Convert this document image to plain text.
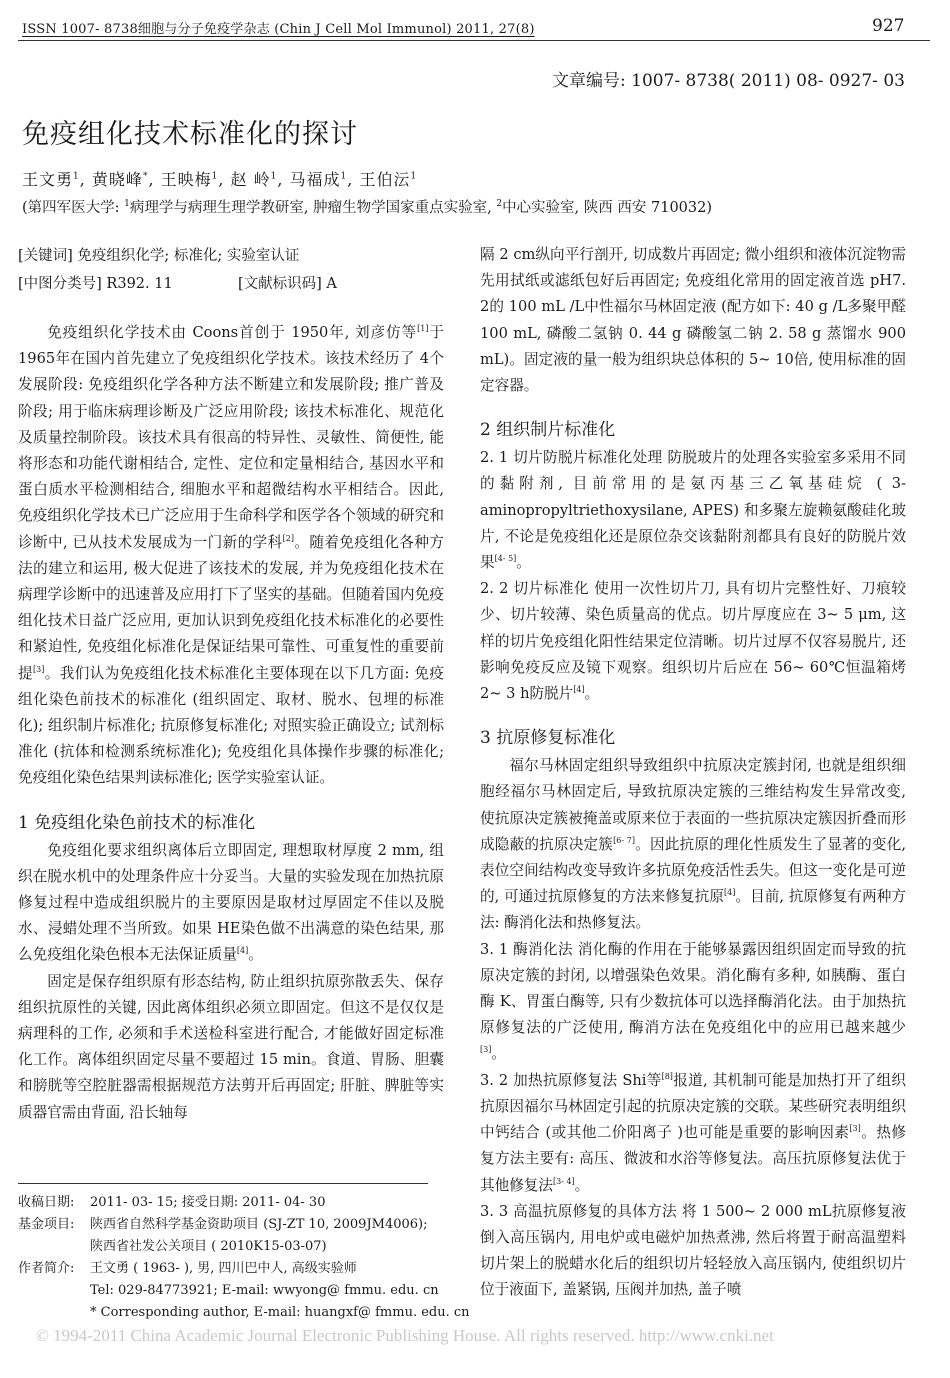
ISSN 1007- 8738细胞与分子免疫学杂志 (Chin J Cell Mol Immunol) 2011, 27(8)	927
文章编号: 1007- 8738( 2011) 08- 0927- 03
免疫组化技术标准化的探讨
王文勇$^1$, 黄晓峰*, 王映梅$^1$, 赵 岭$^1$, 马福成$^1$, 王伯沄$^1$
(第四军医大学: $^1$病理学与病理生理学教研室, 肿瘤生物学国家重点实验室, $^2$中心实验室, 陕西 西安 710032)
[关键词] 免疫组织化学; 标准化; 实验室认证
[中图分类号] R392. 11	[文献标识码] A

免疫组织化学技术由 Coons首创于 1950年, 刘彦仿等[1]于 1965年在国内首先建立了免疫组织化学技术。该技术经历了 4个发展阶段: 免疫组织化学各种方法不断建立和发展阶段; 推广普及阶段; 用于临床病理诊断及广泛应用阶段; 该技术标准化、规范化及质量控制阶段。该技术具有很高的特异性、灵敏性、简便性, 能将形态和功能代谢相结合, 定性、定位和定量相结合, 基因水平和蛋白质水平检测相结合, 细胞水平和超微结构水平相结合。因此, 免疫组织化学技术已广泛应用于生命科学和医学各个领域的研究和诊断中, 已从技术发展成为一门新的学科[2]。随着免疫组化各种方法的建立和运用, 极大促进了该技术的发展, 并为免疫组化技术在病理学诊断中的迅速普及应用打下了坚实的基础。但随着国内免疫组化技术日益广泛应用, 更加认识到免疫组化技术标准化的必要性和紧迫性, 免疫组化标准化是保证结果可靠性、可重复性的重要前提[3]。我们认为免疫组化技术标准化主要体现在以下几方面: 免疫组化染色前技术的标准化 (组织固定、取材、脱水、包埋的标准化); 组织制片标准化; 抗原修复标准化; 对照实验正确设立; 试剂标准化 (抗体和检测系统标准化); 免疫组化具体操作步骤的标准化; 免疫组化染色结果判读标准化; 医学实验室认证。

1 免疫组化染色前技术的标准化

免疫组化要求组织离体后立即固定, 理想取材厚度 2 mm, 组织在脱水机中的处理条件应十分妥当。大量的实验发现在加热抗原修复过程中造成组织脱片的主要原因是取材过厚固定不佳以及脱水、浸蜡处理不当所致。如果 HE染色做不出满意的染色结果, 那么免疫组化染色根本无法保证质量[4]。

固定是保存组织原有形态结构, 防止组织抗原弥散丢失、保存组织抗原性的关键, 因此离体组织必须立即固定。但这不是仅仅是病理科的工作, 必须和手术送检科室进行配合, 才能做好固定标准化工作。离体组织固定尽量不要超过 15 min。食道、胃肠、胆囊和膀胱等空腔脏器需根据规范方法剪开后再固定; 肝脏、脾脏等实质器官需由背面, 沿长轴每

隔 2 cm纵向平行剖开, 切成数片再固定; 微小组织和液体沉淀物需先用拭纸或滤纸包好后再固定; 免疫组化常用的固定液首选 pH7. 2的 100 mL /L中性福尔马林固定液 (配方如下: 40 g /L多聚甲醛 100 mL, 磷酸二氢钠 0. 44 g 磷酸氢二钠 2. 58 g 蒸馏水 900 mL)。固定液的量一般为组织块总体积的 5~ 10倍, 使用标准的固定容器。

2 组织制片标准化

2. 1 切片防脱片标准化处理 防脱玻片的处理各实验室多采用不同的黏附剂, 目前常用的是氨丙基三乙氧基硅烷 ( 3-aminopropyltriethoxysilane, APES) 和多聚左旋赖氨酸硅化玻片, 不论是免疫组化还是原位杂交该黏附剂都具有良好的防脱片效果[4- 5]。

2. 2 切片标准化 使用一次性切片刀, 具有切片完整性好、刀痕较少、切片较薄、染色质量高的优点。切片厚度应在 3~ 5 μm, 这样的切片免疫组化阳性结果定位清晰。切片过厚不仅容易脱片, 还影响免疫反应及镜下观察。组织切片后应在 56~ 60℃恒温箱烤 2~ 3 h防脱片[4]。

3 抗原修复标准化

福尔马林固定组织导致组织中抗原决定簇封闭, 也就是组织细胞经福尔马林固定后, 导致抗原决定簇的三维结构发生异常改变, 使抗原决定簇被掩盖或原来位于表面的一些抗原决定簇因折叠而形成隐蔽的抗原决定簇[6- 7]。因此抗原的理化性质发生了显著的变化, 表位空间结构改变导致许多抗原免疫活性丢失。但这一变化是可逆的, 可通过抗原修复的方法来修复抗原[4]。目前, 抗原修复有两种方法: 酶消化法和热修复法。

3. 1 酶消化法 消化酶的作用在于能够暴露因组织固定而导致的抗原决定簇的封闭, 以增强染色效果。消化酶有多种, 如胰酶、蛋白酶 K、胃蛋白酶等, 只有少数抗体可以选择酶消化法。由于加热抗原修复法的广泛使用, 酶消方法在免疫组化中的应用已越来越少[3]。

3. 2 加热抗原修复法 Shi等[8]报道, 其机制可能是加热打开了组织抗原因福尔马林固定引起的抗原决定簇的交联。某些研究表明组织中钙结合 (或其他二价阳离子 )也可能是重要的影响因素[3]。热修复方法主要有: 高压、微波和水浴等修复法。高压抗原修复法优于其他修复法[3- 4]。

3. 3 高温抗原修复的具体方法 将 1 500~ 2 000 mL抗原修复液倒入高压锅内, 用电炉或电磁炉加热煮沸, 然后将置于耐高温塑料切片架上的脱蜡水化后的组织切片轻轻放入高压锅内, 使组织切片位于液面下, 盖紧锅, 压阀并加热, 盖子喷

收稿日期: 2011- 03- 15; 接受日期: 2011- 04- 30
基金项目: 陕西省自然科学基金资助项目 (SJ-ZT 10, 2009JM4006);
陕西省社发公关项目 ( 2010K15-03-07)
作者简介: 王文勇 ( 1963- ), 男, 四川巴中人, 高级实验师
Tel: 029-84773921; E-mail: wwyong@ fmmu. edu. cn
* Corresponding author, E-mail: huangxf@ fmmu. edu. cn
© 1994-2011 China Academic Journal Electronic Publishing House. All rights reserved. http://www.cnki.net
